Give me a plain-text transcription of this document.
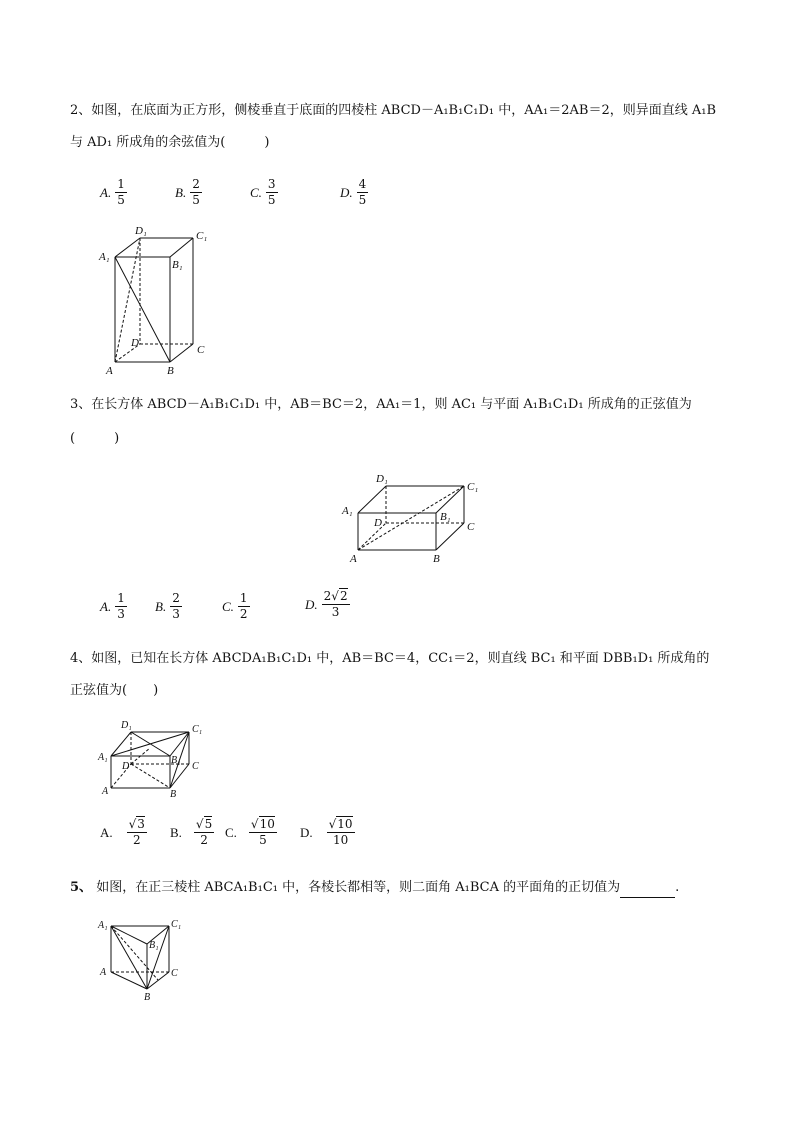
2、如图，在底面为正方形，侧棱垂直于底面的四棱柱 ABCD－A₁B₁C₁D₁ 中，AA₁＝2AB＝2，则异面直线 A₁B
与 AD₁ 所成角的余弦值为(　　　)
A. $\frac{1}{5}$	B. $\frac{2}{5}$	C. $\frac{3}{5}$	D. $\frac{4}{5}$
D₁	C₁
A₁
B₁
D
C
A	B
3、在长方体 ABCD－A₁B₁C₁D₁ 中，AB＝BC＝2，AA₁＝1，则 AC₁ 与平面 A₁B₁C₁D₁ 所成角的正弦值为
(　　　)
D₁
C₁
A₁	B₁
D	C
A	B
A. $\frac{1}{3} B$. $\frac{2}{3}$	C. $\frac{1}{2}$	D. $\frac{2√2}{3}$
4、如图，已知在长方体 ABCDA₁B₁C₁D₁ 中，AB＝BC＝4，CC₁＝2，则直线 BC₁ 和平面 DBB₁D₁ 所成角的
正弦值为(　　)
D₁	C₁
A₁	B₁
D	C
A	B
A. $\frac{√3}{2} B$. $\frac{√5}{2} C$. $\frac{√10}{5} D$. $\frac{√10}{10}$
5、 如图，在正三棱柱 ABCA₁B₁C₁ 中，各棱长都相等，则二面角 A₁BCA 的平面角的正切值为	.
A₁	C₁
B₁
A	C
B
